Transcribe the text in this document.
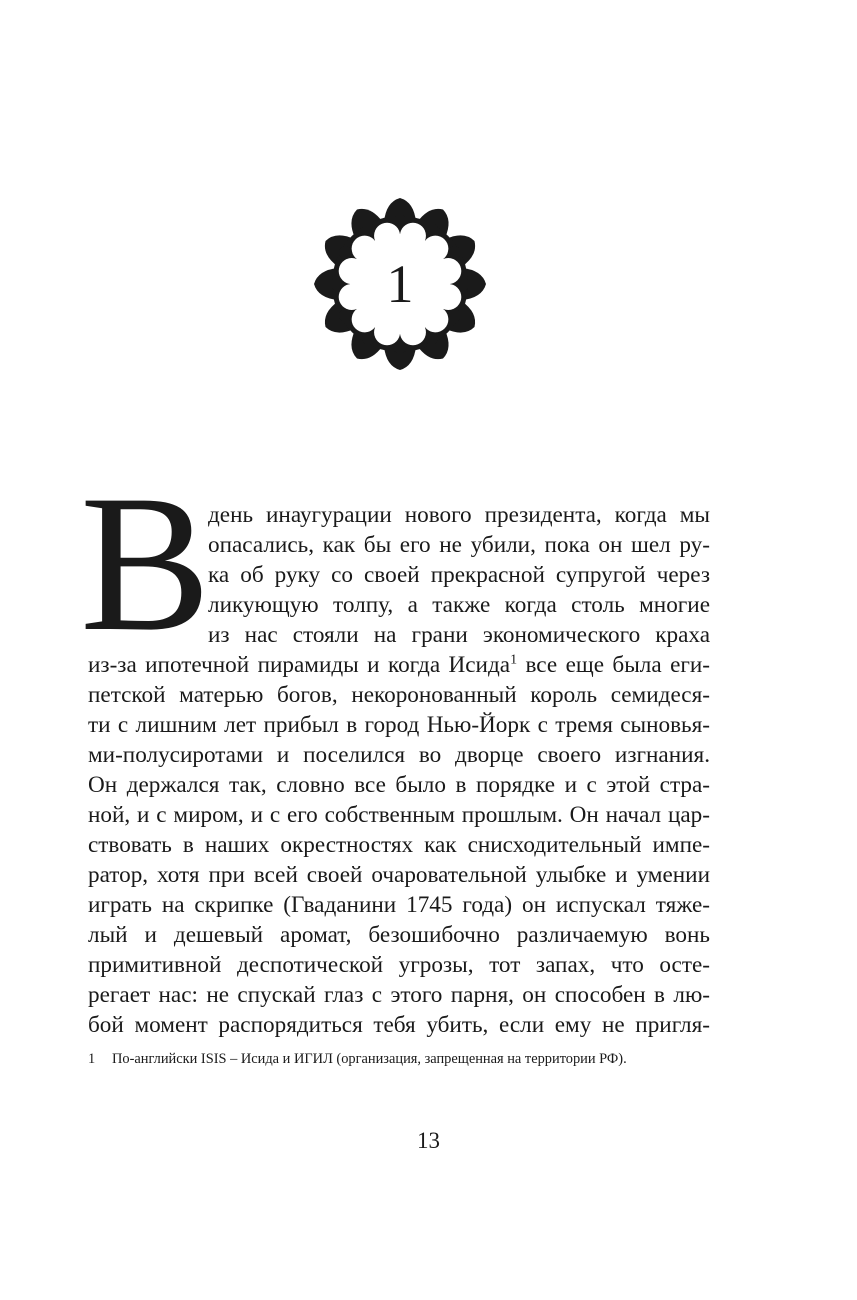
1
В
день инаугурации нового президента, когда мы
опасались, как бы его не убили, пока он шел ру-
ка об руку со своей прекрасной супругой через
ликующую толпу, а также когда столь многие
из нас стояли на грани экономического краха
из-за ипотечной пирамиды и когда Исида$^1$ все еще была еги-
петской матерью богов, некоронованный король семидеся-
ти с лишним лет прибыл в город Нью-Йорк с тремя сыновья-
ми-полусиротами и поселился во дворце своего изгнания.
Он держался так, словно все было в порядке и с этой стра-
ной, и с миром, и с его собственным прошлым. Он начал цар-
ствовать в наших окрестностях как снисходительный импе-
ратор, хотя при всей своей очаровательной улыбке и умении
играть на скрипке (Гваданини 1745 года) он испускал тяже-
лый и дешевый аромат, безошибочно различаемую вонь
примитивной деспотической угрозы, тот запах, что осте-
регает нас: не спускай глаз с этого парня, он способен в лю-
бой момент распорядиться тебя убить, если ему не пригля-
1 По-английски ISIS – Исида и ИГИЛ (организация, запрещенная на территории РФ).
13
